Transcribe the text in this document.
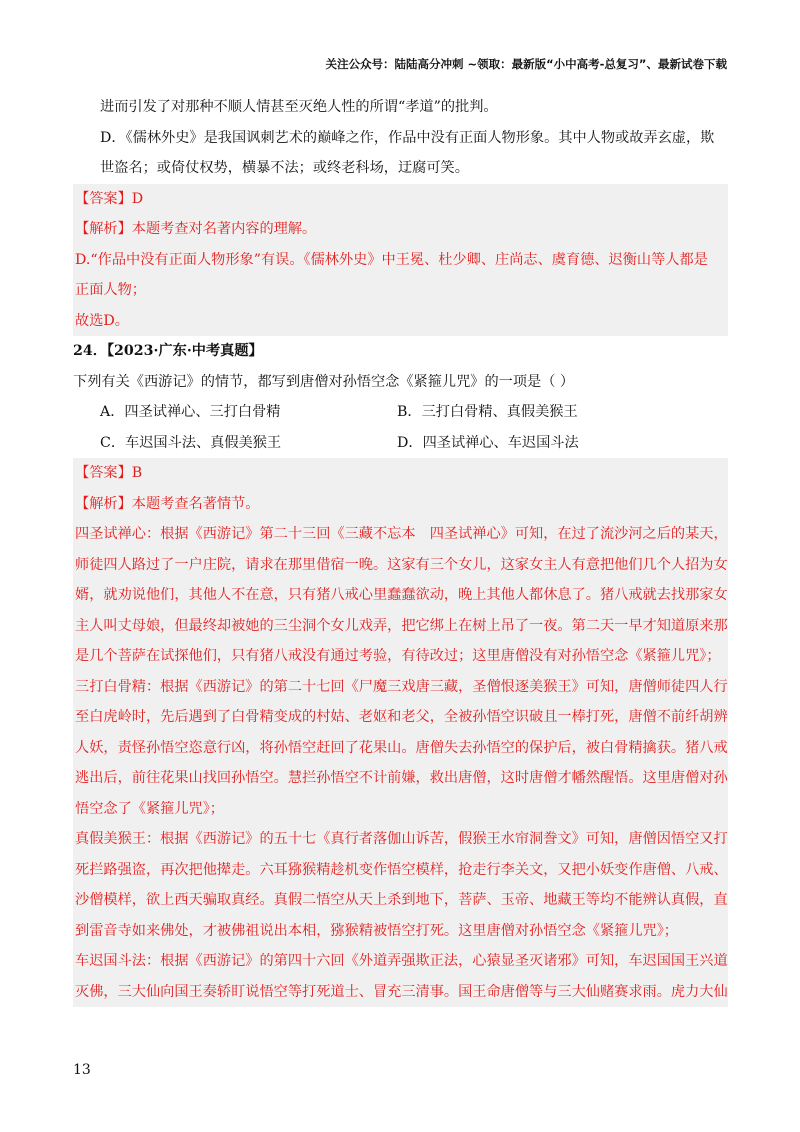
关注公众号：陆陆高分冲刺 ~领取：最新版“小中高考-总复习”、最新试卷下载
进而引发了对那种不顺人情甚至灭绝人性的所谓“孝道”的批判。
D．《儒林外史》是我国讽刺艺术的巅峰之作，作品中没有正面人物形象。其中人物或故弄玄虚，欺
世盗名；或倚仗权势，横暴不法；或终老科场，迂腐可笑。
【答案】D
【解析】本题考查对名著内容的理解。
D.“作品中没有正面人物形象”有误。《儒林外史》中王冕、杜少卿、庄尚志、虞育德、迟衡山等人都是
正面人物；
故选D。
24．【2023·广东·中考真题】
下列有关《西游记》的情节，都写到唐僧对孙悟空念《紧箍儿咒》的一项是（ ）
A．四圣试禅心、三打白骨精	B．三打白骨精、真假美猴王
C．车迟国斗法、真假美猴王	D．四圣试禅心、车迟国斗法
【答案】B
【解析】本题考查名著情节。
四圣试禅心：根据《西游记》第二十三回《三藏不忘本　四圣试禅心》可知，在过了流沙河之后的某天，
师徒四人路过了一户庄院，请求在那里借宿一晚。这家有三个女儿，这家女主人有意把他们几个人招为女
婿，就劝说他们，其他人不在意，只有猪八戒心里蠢蠢欲动，晚上其他人都休息了。猪八戒就去找那家女
主人叫丈母娘，但最终却被她的三尘洞个女儿戏弄，把它绑上在树上吊了一夜。第二天一早才知道原来那
是几个菩萨在试探他们，只有猪八戒没有通过考验，有待改过；这里唐僧没有对孙悟空念《紧箍儿咒》；
三打白骨精：根据《西游记》的第二十七回《尸魔三戏唐三藏，圣僧恨逐美猴王》可知，唐僧师徒四人行
至白虎岭时，先后遇到了白骨精变成的村姑、老妪和老父，全被孙悟空识破且一棒打死，唐僧不前纤胡辨
人妖，责怪孙悟空恣意行凶，将孙悟空赶回了花果山。唐僧失去孙悟空的保护后，被白骨精擒获。猪八戒
逃出后，前往花果山找回孙悟空。慧拦孙悟空不计前嫌，救出唐僧，这时唐僧才幡然醒悟。这里唐僧对孙
悟空念了《紧箍儿咒》；
真假美猴王：根据《西游记》的五十七《真行者落伽山诉苦，假猴王水帘洞誊文》可知，唐僧因悟空又打
死拦路强盗，再次把他撵走。六耳猕猴精趁机变作悟空模样，抢走行李关文，又把小妖变作唐僧、八戒、
沙僧模样，欲上西天骗取真经。真假二悟空从天上杀到地下，菩萨、玉帝、地藏王等均不能辨认真假，直
到雷音寺如来佛处，才被佛祖说出本相，猕猴精被悟空打死。这里唐僧对孙悟空念《紧箍儿咒》；
车迟国斗法：根据《西游记》的第四十六回《外道弄强欺正法，心猿显圣灭诸邪》可知，车迟国国王兴道
灭佛，三大仙向国王奏轿盯说悟空等打死道士、冒充三清事。国王命唐僧等与三大仙赌赛求雨。虎力大仙
13
